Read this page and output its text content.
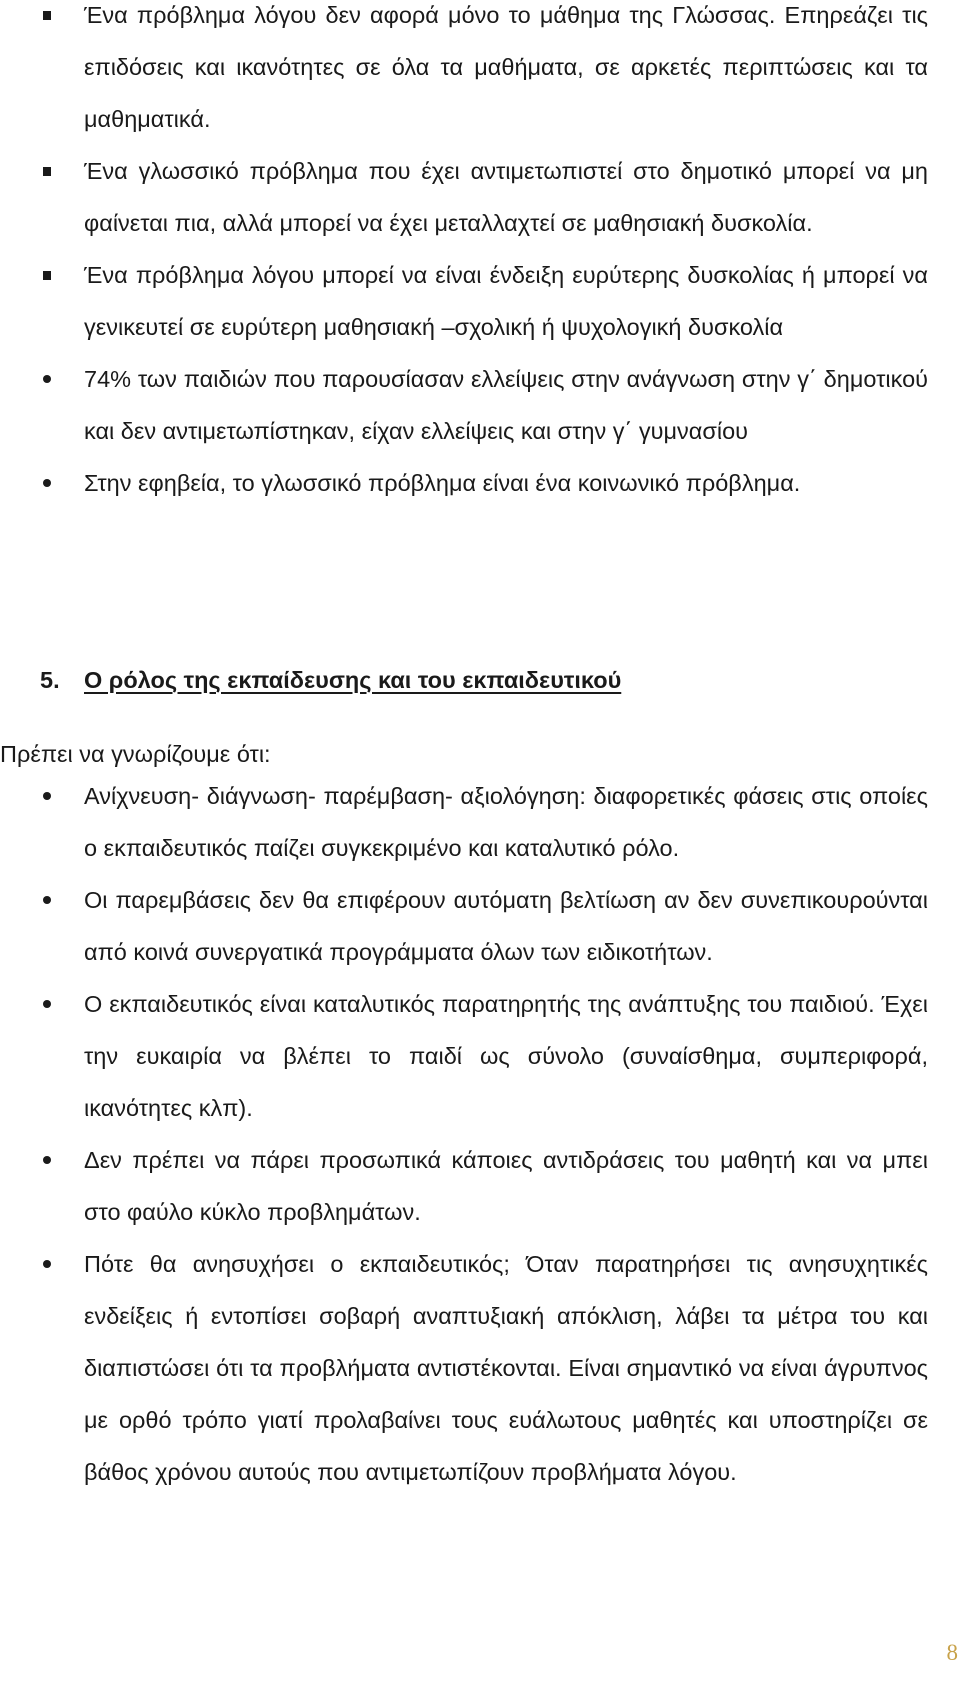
Ένα πρόβλημα λόγου δεν αφορά μόνο το μάθημα της Γλώσσας. Επηρεάζει τις επιδόσεις και ικανότητες σε όλα τα μαθήματα, σε αρκετές περιπτώσεις και τα μαθηματικά.
Ένα γλωσσικό πρόβλημα που έχει αντιμετωπιστεί στο δημοτικό μπορεί να μη φαίνεται πια, αλλά μπορεί να έχει μεταλλαχτεί σε μαθησιακή δυσκολία.
Ένα πρόβλημα λόγου μπορεί να είναι ένδειξη ευρύτερης δυσκολίας ή μπορεί να γενικευτεί σε ευρύτερη μαθησιακή –σχολική ή ψυχολογική δυσκολία
74% των παιδιών που παρουσίασαν ελλείψεις στην ανάγνωση στην γ΄ δημοτικού και δεν αντιμετωπίστηκαν, είχαν ελλείψεις και στην γ΄ γυμνασίου
Στην εφηβεία, το γλωσσικό πρόβλημα είναι ένα κοινωνικό πρόβλημα.
5. Ο ρόλος της εκπαίδευσης και του εκπαιδευτικού
Πρέπει να γνωρίζουμε ότι:
Ανίχνευση- διάγνωση- παρέμβαση- αξιολόγηση: διαφορετικές φάσεις στις οποίες ο εκπαιδευτικός παίζει συγκεκριμένο και καταλυτικό ρόλο.
Οι παρεμβάσεις δεν θα επιφέρουν αυτόματη βελτίωση αν δεν συνεπικουρούνται από κοινά συνεργατικά προγράμματα όλων των ειδικοτήτων.
Ο εκπαιδευτικός είναι καταλυτικός παρατηρητής της ανάπτυξης του παιδιού. Έχει την ευκαιρία να βλέπει το παιδί ως σύνολο (συναίσθημα, συμπεριφορά, ικανότητες κλπ).
Δεν πρέπει να πάρει προσωπικά κάποιες αντιδράσεις του μαθητή και να μπει στο φαύλο κύκλο προβλημάτων.
Πότε θα ανησυχήσει ο εκπαιδευτικός; Όταν παρατηρήσει τις ανησυχητικές ενδείξεις ή εντοπίσει σοβαρή αναπτυξιακή απόκλιση, λάβει τα μέτρα του και διαπιστώσει ότι τα προβλήματα αντιστέκονται. Είναι σημαντικό να είναι άγρυπνος με ορθό τρόπο γιατί προλαβαίνει τους ευάλωτους μαθητές και υποστηρίζει σε βάθος χρόνου αυτούς που αντιμετωπίζουν προβλήματα λόγου.
8
